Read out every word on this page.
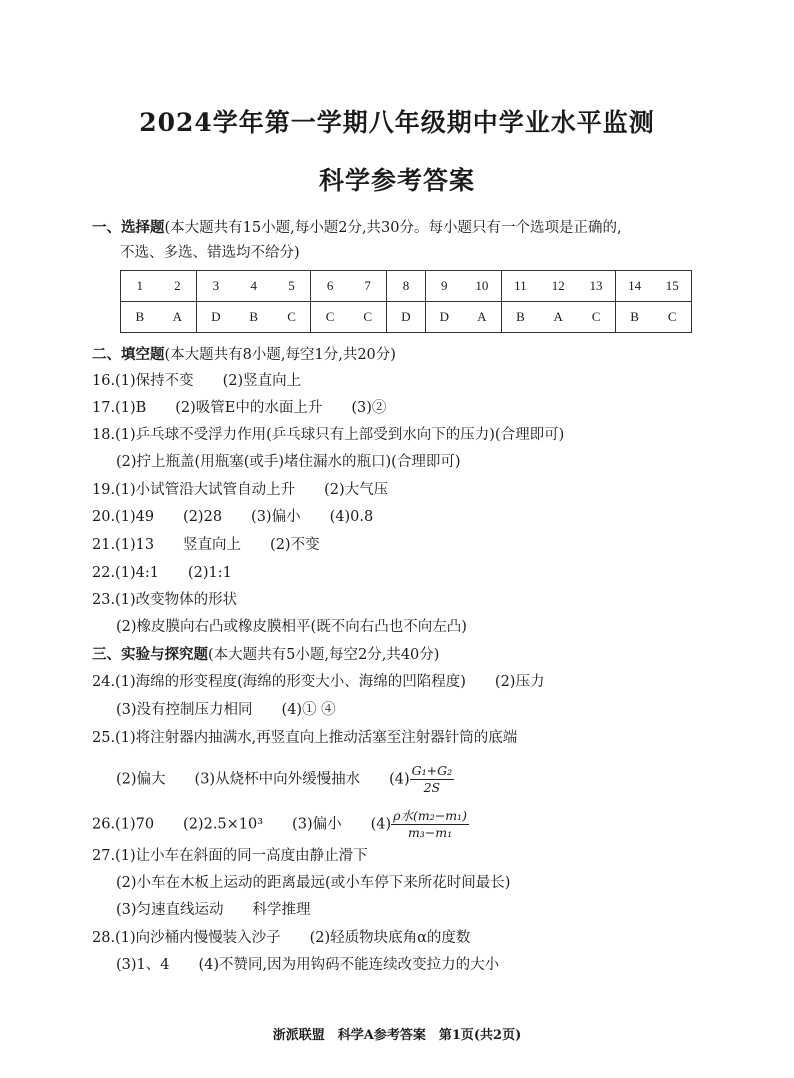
2024学年第一学期八年级期中学业水平监测
科学参考答案
一、选择题(本大题共有15小题,每小题2分,共30分。每小题只有一个选项是正确的,
不选、多选、错选均不给分)
1	2	3	4	5	6	7	8	9	10	11	12	13	14	15
B	A	D	B	C	C	C	D	D	A	B	A	C	B	C
二、填空题(本大题共有8小题,每空1分,共20分)
16.(1)保持不变　　(2)竖直向上
17.(1)B　　(2)吸管E中的水面上升　　(3)②
18.(1)乒乓球不受浮力作用(乒乓球只有上部受到水向下的压力)(合理即可)
(2)拧上瓶盖(用瓶塞(或手)堵住漏水的瓶口)(合理即可)
19.(1)小试管沿大试管自动上升　　(2)大气压
20.(1)49　　(2)28　　(3)偏小　　(4)0.8
21.(1)13　　竖直向上　　(2)不变
22.(1)4:1　　(2)1:1
23.(1)改变物体的形状
(2)橡皮膜向右凸或橡皮膜相平(既不向右凸也不向左凸)
三、实验与探究题(本大题共有5小题,每空2分,共40分)
24.(1)海绵的形变程度(海绵的形变大小、海绵的凹陷程度)　　(2)压力
(3)没有控制压力相同　　(4)① ④
25.(1)将注射器内抽满水,再竖直向上推动活塞至注射器针筒的底端
(2)偏大　　(3)从烧杯中向外缓慢抽水　　$(4) \frac{\text{G₁+G₂}}{2S}$
26.(1)70　　(2)2.5×10³　　(3)偏小　　$(4) \frac{\text{ρ水(m₂−m₁)}}{\text{m₃−m₁}}$
27.(1)让小车在斜面的同一高度由静止滑下
(2)小车在木板上运动的距离最远(或小车停下来所花时间最长)
(3)匀速直线运动　　科学推理
28.(1)向沙桶内慢慢装入沙子　　(2)轻质物块底角α的度数
(3)1、4　　(4)不赞同,因为用钩码不能连续改变拉力的大小
浙派联盟　科学A参考答案　第1页(共2页)
